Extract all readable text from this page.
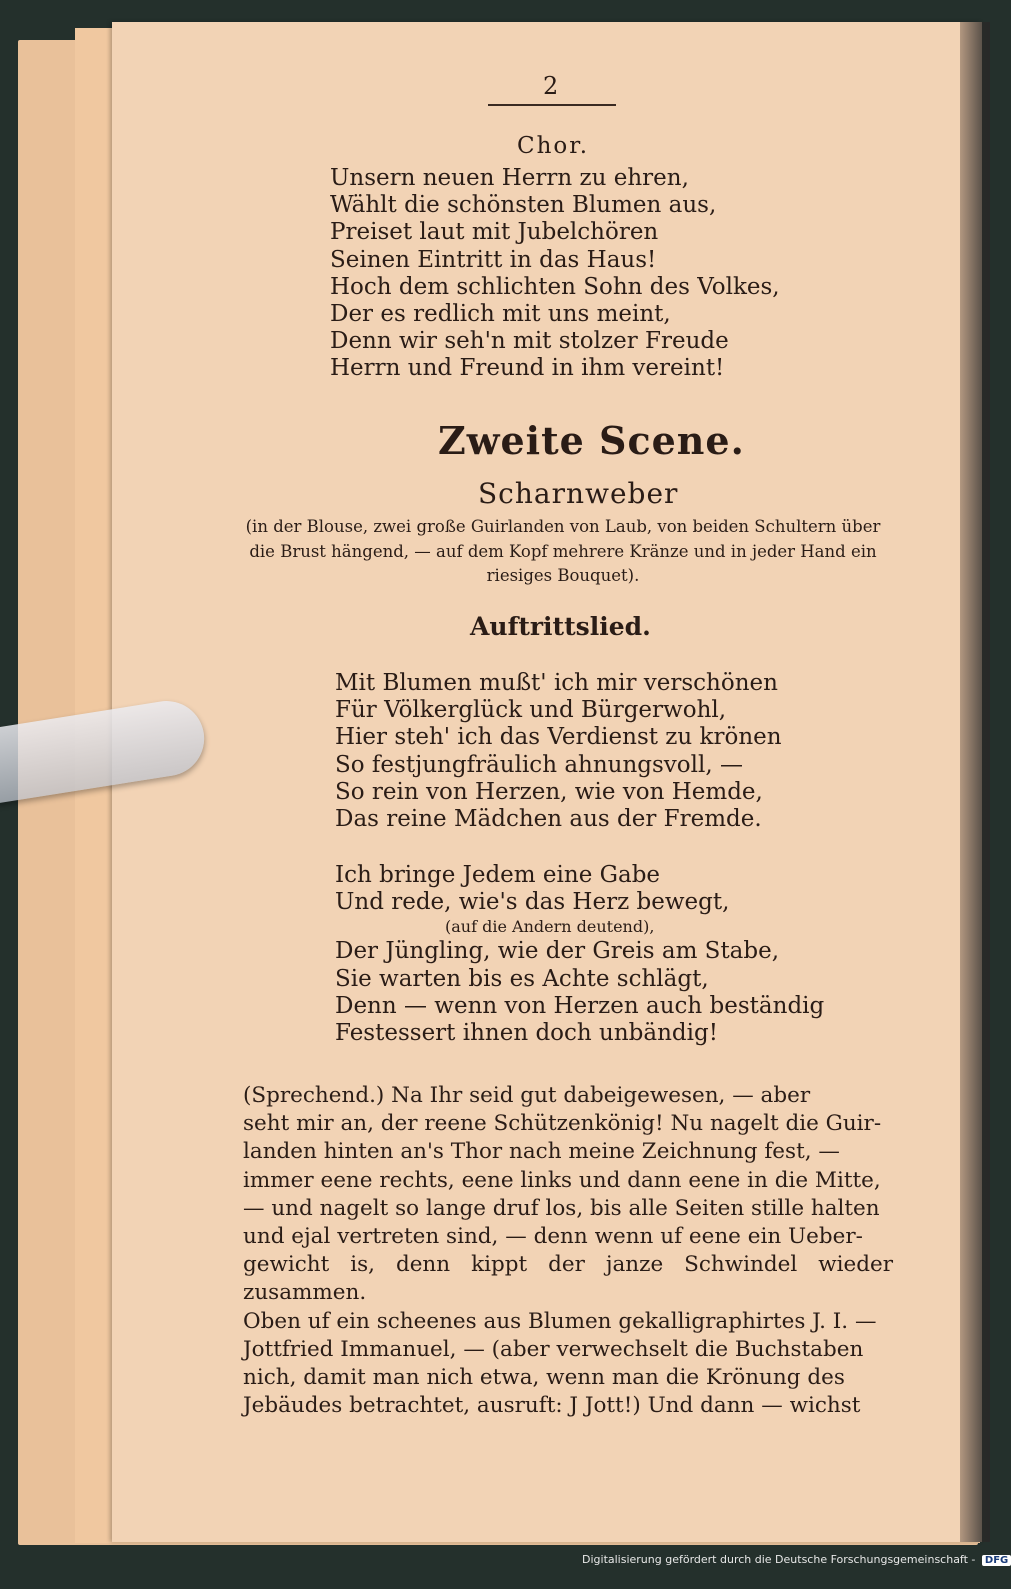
2
Chor.
Unsern neuen Herrn zu ehren,
Wählt die schönsten Blumen aus,
Preiset laut mit Jubelchören
Seinen Eintritt in das Haus!
Hoch dem schlichten Sohn des Volkes,
Der es redlich mit uns meint,
Denn wir seh'n mit stolzer Freude
Herrn und Freund in ihm vereint!
Zweite Scene.
Scharnweber
(in der Blouse, zwei große Guirlanden von Laub, von beiden Schultern über die Brust hängend, — auf dem Kopf mehrere Kränze und in jeder Hand ein riesiges Bouquet).
Auftrittslied.
Mit Blumen mußt' ich mir verschönen
Für Völkerglück und Bürgerwohl,
Hier steh' ich das Verdienst zu krönen
So festjungfräulich ahnungsvoll, —
So rein von Herzen, wie von Hemde,
Das reine Mädchen aus der Fremde.
Ich bringe Jedem eine Gabe
Und rede, wie's das Herz bewegt,
(auf die Andern deutend),
Der Jüngling, wie der Greis am Stabe,
Sie warten bis es Achte schlägt,
Denn — wenn von Herzen auch beständig
Festessert ihnen doch unbändig!
(Sprechend.) Na Ihr seid gut dabeigewesen, — aber
seht mir an, der reene Schützenkönig! Nu nagelt die Guir-
landen hinten an's Thor nach meine Zeichnung fest, —
immer eene rechts, eene links und dann eene in die Mitte,
— und nagelt so lange druf los, bis alle Seiten stille halten
und ejal vertreten sind, — denn wenn uf eene ein Ueber-
gewicht is, denn kippt der janze Schwindel wieder zusammen.
Oben uf ein scheenes aus Blumen gekalligraphirtes J. I. —
Jottfried Immanuel, — (aber verwechselt die Buchstaben
nich, damit man nich etwa, wenn man die Krönung des
Jebäudes betrachtet, ausruft: J Jott!) Und dann — wichst
Digitalisierung gefördert durch die Deutsche Forschungsgemeinschaft - DFG
